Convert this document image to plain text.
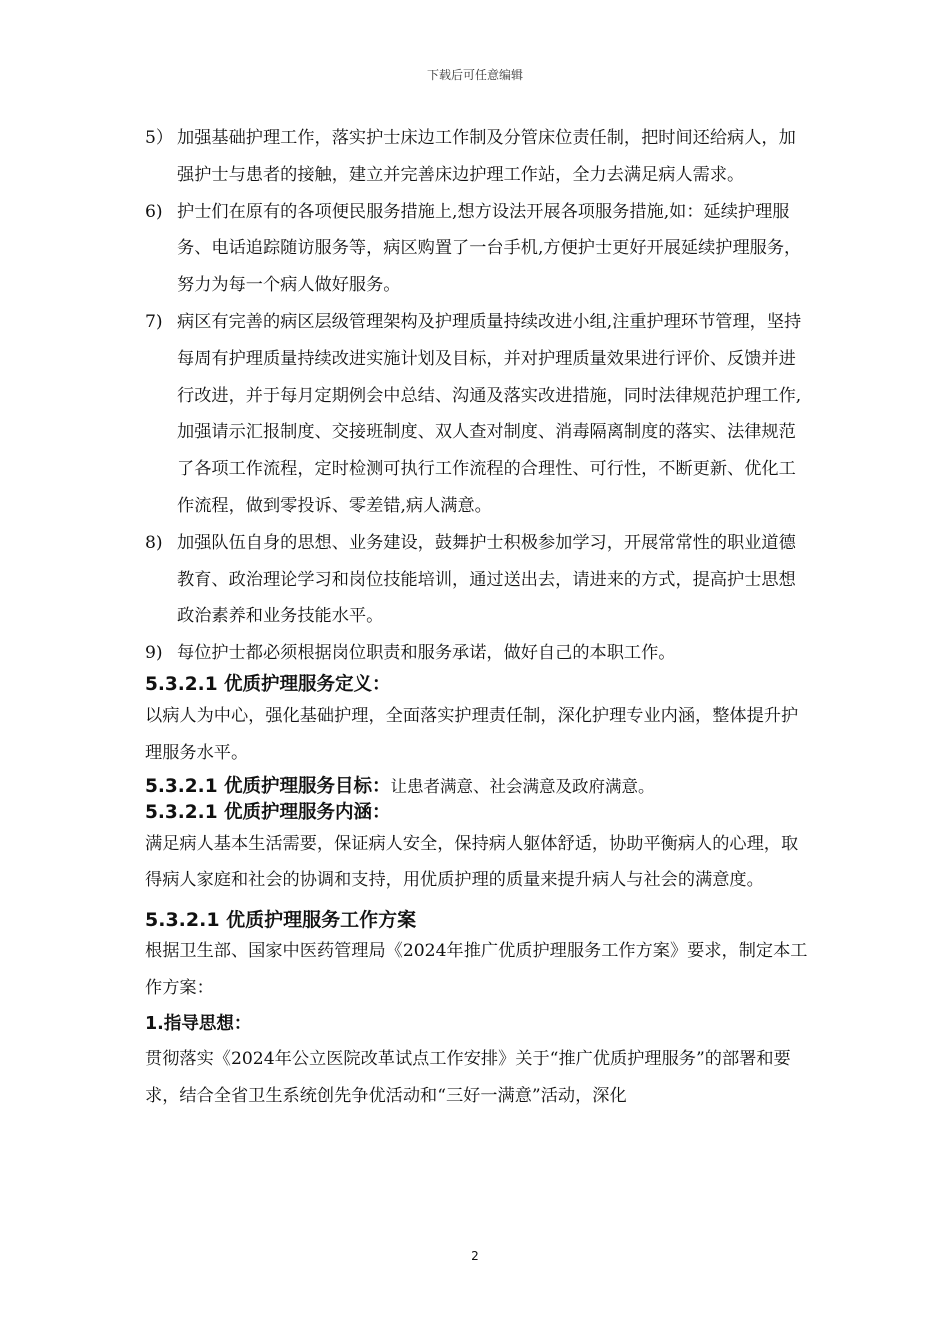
下载后可任意编辑
5） 加强基础护理工作，落实护士床边工作制及分管床位责任制，把时间还给病人，加强护士与患者的接触，建立并完善床边护理工作站，全力去满足病人需求。
6) 护士们在原有的各项便民服务措施上,想方设法开展各项服务措施,如：延续护理服务、电话追踪随访服务等，病区购置了一台手机,方便护士更好开展延续护理服务，努力为每一个病人做好服务。
7) 病区有完善的病区层级管理架构及护理质量持续改进小组,注重护理环节管理，坚持每周有护理质量持续改进实施计划及目标，并对护理质量效果进行评价、反馈并进行改进，并于每月定期例会中总结、沟通及落实改进措施，同时法律规范护理工作,加强请示汇报制度、交接班制度、双人查对制度、消毒隔离制度的落实、法律规范了各项工作流程，定时检测可执行工作流程的合理性、可行性，不断更新、优化工作流程，做到零投诉、零差错,病人满意。
8) 加强队伍自身的思想、业务建设，鼓舞护士积极参加学习，开展常常性的职业道德教育、政治理论学习和岗位技能培训，通过送出去，请进来的方式，提高护士思想政治素养和业务技能水平。
9) 每位护士都必须根据岗位职责和服务承诺，做好自己的本职工作。
5.3.2.1 优质护理服务定义：

以病人为中心，强化基础护理，全面落实护理责任制，深化护理专业内涵，整体提升护理服务水平。

5.3.2.1 优质护理服务目标：让患者满意、社会满意及政府满意。
5.3.2.1 优质护理服务内涵：

满足病人基本生活需要，保证病人安全，保持病人躯体舒适，协助平衡病人的心理，取得病人家庭和社会的协调和支持，用优质护理的质量来提升病人与社会的满意度。

5.3.2.1 优质护理服务工作方案

根据卫生部、国家中医药管理局《2024年推广优质护理服务工作方案》要求，制定本工作方案：

1.指导思想：

贯彻落实《2024年公立医院改革试点工作安排》关于“推广优质护理服务”的部署和要求，结合全省卫生系统创先争优活动和“三好一满意”活动，深化

2
